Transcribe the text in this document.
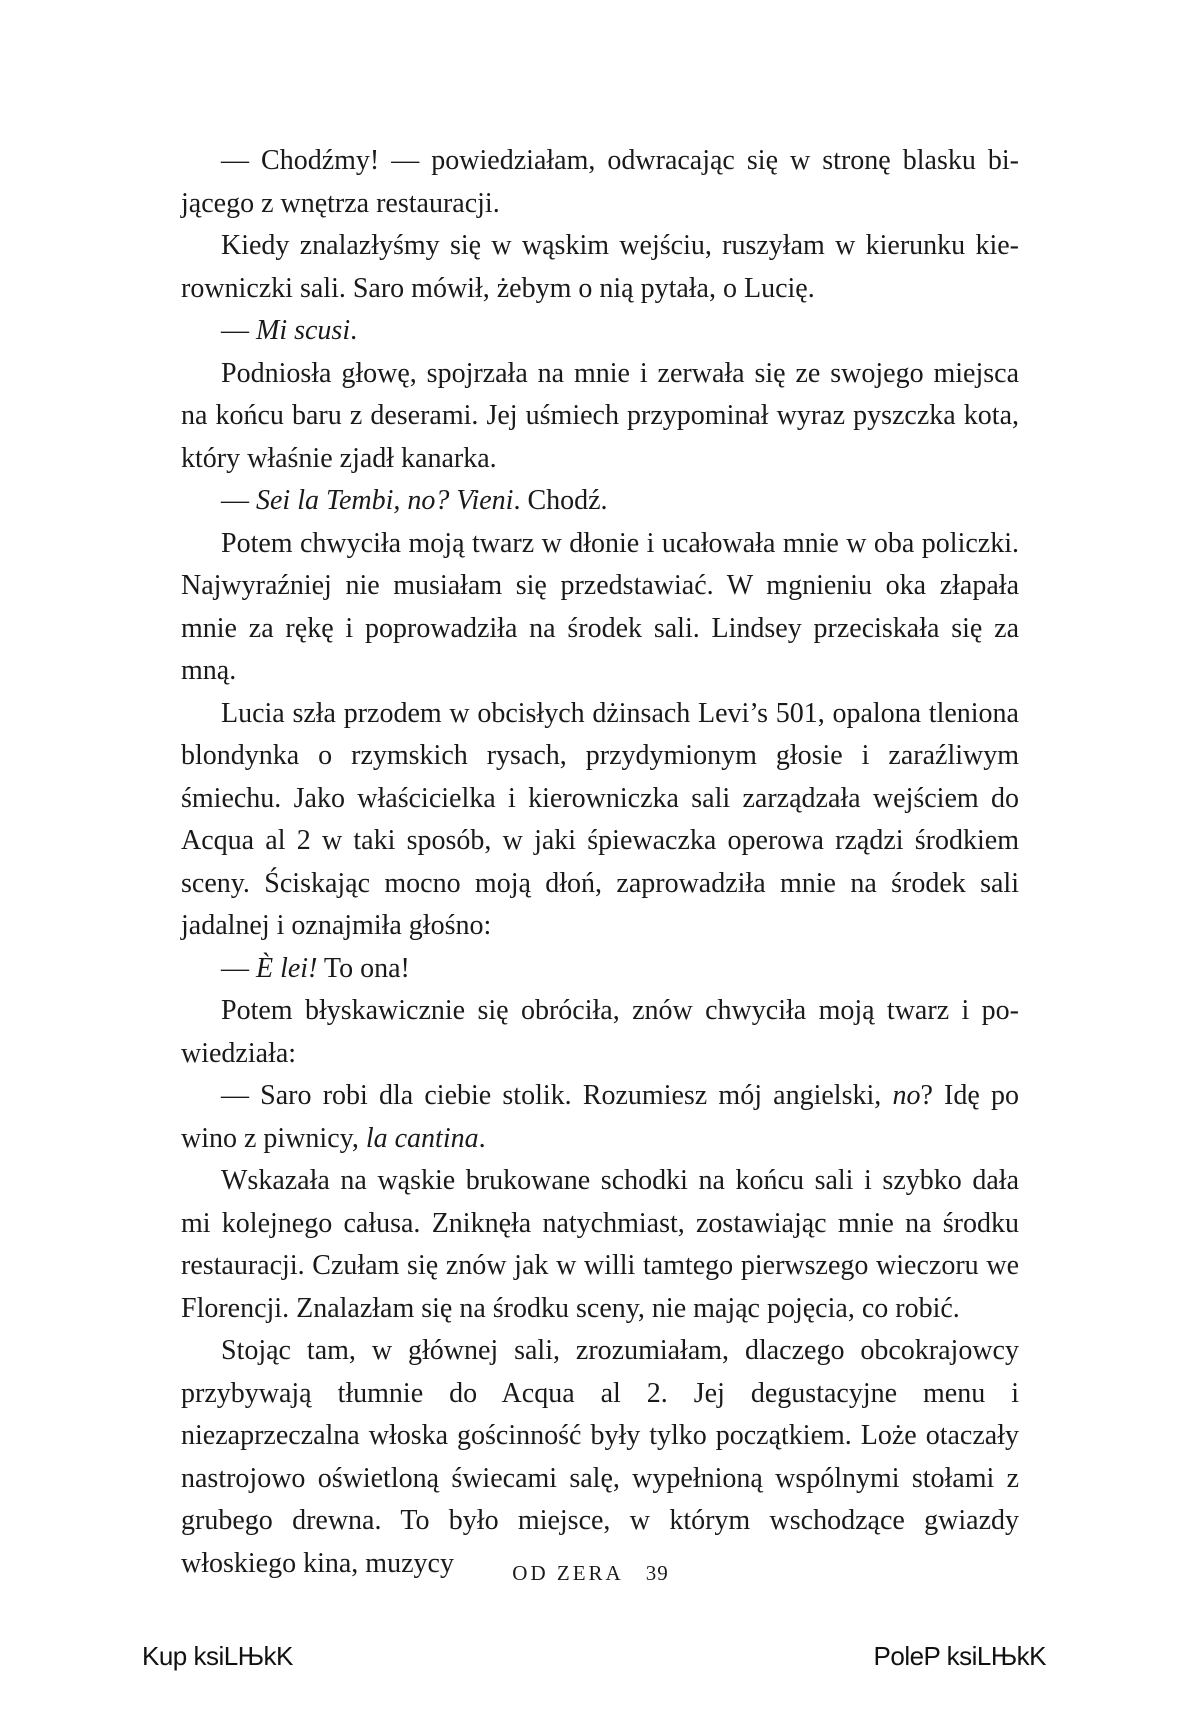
— Chodźmy! — powiedziałam, odwracając się w stronę blasku bijącego z wnętrza restauracji.

Kiedy znalazłyśmy się w wąskim wejściu, ruszyłam w kierunku kierowniczki sali. Saro mówił, żebym o nią pytała, o Lucię.

— Mi scusi.

Podniosła głowę, spojrzała na mnie i zerwała się ze swojego miejsca na końcu baru z deserami. Jej uśmiech przypominał wyraz pyszczka kota, który właśnie zjadł kanarka.

— Sei la Tembi, no? Vieni. Chodź.

Potem chwyciła moją twarz w dłonie i ucałowała mnie w oba policzki. Najwyraźniej nie musiałam się przedstawiać. W mgnieniu oka złapała mnie za rękę i poprowadziła na środek sali. Lindsey przeciskała się za mną.

Lucia szła przodem w obcisłych dżinsach Levi’s 501, opalona tleniona blondynka o rzymskich rysach, przydymionym głosie i zaraźliwym śmiechu. Jako właścicielka i kierowniczka sali zarządzała wejściem do Acqua al 2 w taki sposób, w jaki śpiewaczka operowa rządzi środkiem sceny. Ściskając mocno moją dłoń, zaprowadziła mnie na środek sali jadalnej i oznajmiła głośno:

— È lei! To ona!

Potem błyskawicznie się obróciła, znów chwyciła moją twarz i powiedziała:

— Saro robi dla ciebie stolik. Rozumiesz mój angielski, no? Idę po wino z piwnicy, la cantina.

Wskazała na wąskie brukowane schodki na końcu sali i szybko dała mi kolejnego całusa. Zniknęła natychmiast, zostawiając mnie na środku restauracji. Czułam się znów jak w willi tamtego pierwszego wieczoru we Florencji. Znalazłam się na środku sceny, nie mając pojęcia, co robić.

Stojąc tam, w głównej sali, zrozumiałam, dlaczego obcokrajowcy przybywają tłumnie do Acqua al 2. Jej degustacyjne menu i niezaprzeczalna włoska gościnność były tylko początkiem. Loże otaczały nastrojowo oświetloną świecami salę, wypełnioną wspólnymi stołami z grubego drewna. To było miejsce, w którym wschodzące gwiazdy włoskiego kina, muzycy	OD ZERA 39
Kup ksiLЊkK	PoleP ksiLЊkK
